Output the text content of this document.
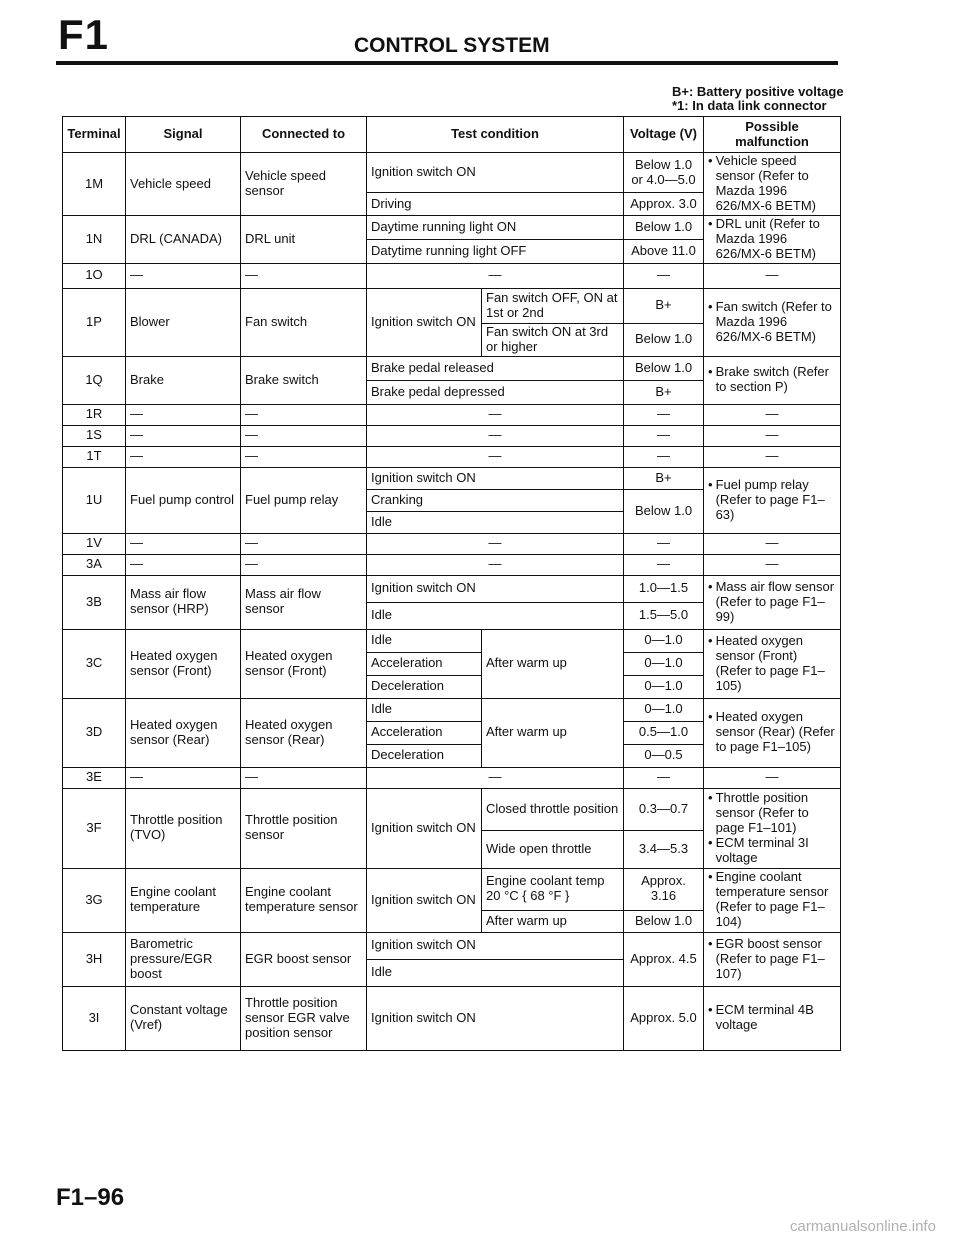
F1	CONTROL SYSTEM
B+: Battery positive voltage
*1: In data link connector
Terminal	Signal	Connected to	Test condition		Voltage (V)	Possible malfunction
1M	Vehicle speed	Vehicle speed sensor	Ignition switch ON		Below 1.0 or 4.0—5.0	• Vehicle speed sensor (Refer to Mazda 1996 626/MX-6 BETM)

			Driving		Approx. 3.0	
1N	DRL (CANADA)	DRL unit	Daytime running light ON		Below 1.0	• DRL unit (Refer to Mazda 1996 626/MX-6 BETM)

			Datytime running light OFF		Above 11.0	
1O	—	—	—		—	—
1P	Blower	Fan switch	Ignition switch ON	Fan switch OFF, ON at 1st or 2nd	B+	• Fan switch (Refer to Mazda 1996 626/MX-6 BETM)

				Fan switch ON at 3rd or higher	Below 1.0	
1Q	Brake	Brake switch	Brake pedal released		Below 1.0	• Brake switch (Refer to section P)

			Brake pedal depressed		B+	
1R	—	—	—		—	—
1S	—	—	—		—	—
1T	—	—	—		—	—
1U	Fuel pump control	Fuel pump relay	Ignition switch ON		B+	• Fuel pump relay (Refer to page F1–63)

			Cranking		Below 1.0	
			Idle			
1V	—	—	—		—	—
3A	—	—	—		—	—
3B	Mass air flow sensor (HRP)	Mass air flow sensor	Ignition switch ON		1.0—1.5	• Mass air flow sensor (Refer to page F1–99)

			Idle		1.5—5.0	
3C	Heated oxygen sensor (Front)	Heated oxygen sensor (Front)	Idle	After warm up	0—1.0	• Heated oxygen sensor (Front) (Refer to page F1–105)

			Acceleration		0—1.0	
			Deceleration		0—1.0	
3D	Heated oxygen sensor (Rear)	Heated oxygen sensor (Rear)	Idle	After warm up	0—1.0	• Heated oxygen sensor (Rear) (Refer to page F1–105)

			Acceleration		0.5—1.0	
			Deceleration		0—0.5	
3E	—	—	—		—	—
3F	Throttle position (TVO)	Throttle position sensor	Ignition switch ON	Closed throttle position	0.3—0.7	• Throttle position sensor (Refer to page F1–101)
• ECM terminal 3I voltage

				Wide open throttle	3.4—5.3	
3G	Engine coolant temperature	Engine coolant temperature sensor	Ignition switch ON	Engine coolant temp 20 °C { 68 °F }	Approx. 3.16	• Engine coolant temperature sensor (Refer to page F1–104)

				After warm up	Below 1.0	
3H	Barometric pressure/EGR boost	EGR boost sensor	Ignition switch ON		Approx. 4.5	• EGR boost sensor (Refer to page F1–107)

			Idle			
3I	Constant voltage (Vref)	Throttle position sensor EGR valve position sensor	Ignition switch ON		Approx. 5.0	• ECM terminal 4B voltage
F1–96
carmanualsonline.info
